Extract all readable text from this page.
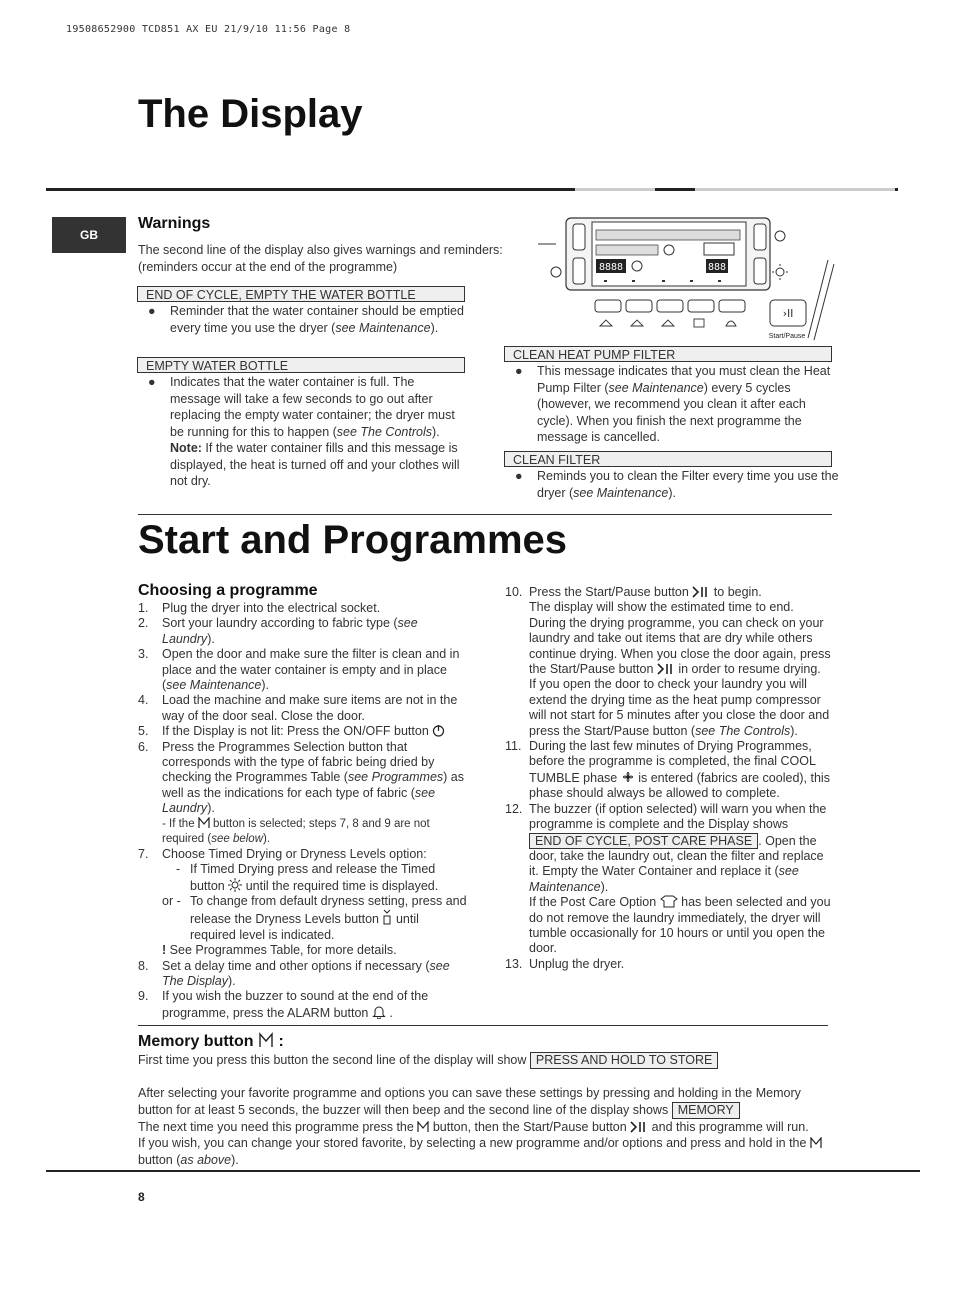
19508652900 TCD851 AX EU 21/9/10 11:56 Page 8
The Display
GB
Warnings
The second line of the display also gives warnings and reminders: (reminders occur at the end of the programme)
END OF CYCLE, EMPTY THE WATER BOTTLE
● Reminder that the water container should be emptied every time you use the dryer (see Maintenance).
EMPTY WATER BOTTLE
● Indicates that the water container is full. The message will take a few seconds to go out after replacing the empty water container; the dryer must be running for this to happen (see The Controls).
Note: If the water container fills and this message is displayed, the heat is turned off and your clothes will not dry.
8888	888
›ll
Start/Pause
CLEAN HEAT PUMP FILTER
● This message indicates that you must clean the Heat Pump Filter (see Maintenance) every 5 cycles (however, we recommend you clean it after each cycle). When you finish the next programme the message is cancelled.
CLEAN FILTER
● Reminds you to clean the Filter every time you use the dryer (see Maintenance).
Start and Programmes
Choosing a programme
1. Plug the dryer into the electrical socket.
2. Sort your laundry according to fabric type (see Laundry).
3. Open the door and make sure the filter is clean and in place and the water container is empty and in place (see Maintenance).
4. Load the machine and make sure items are not in the way of the door seal. Close the door.
5. If the Display is not lit: Press the ON/OFF button
6. Press the Programmes Selection button that corresponds with the type of fabric being dried by checking the Programmes Table (see Programmes) as well as the indications for each type of fabric (see Laundry).
- If the button is selected; steps 7, 8 and 9 are not required (see below).
7. Choose Timed Drying or Dryness Levels option:
- If Timed Drying press and release the Timed button until the required time is displayed.
or - To change from default dryness setting, press and release the Dryness Levels button until required level is indicated.
! See Programmes Table, for more details.
8. Set a delay time and other options if necessary (see The Display).
9. If you wish the buzzer to sound at the end of the programme, press the ALARM button  .
10. Press the Start/Pause button to begin.
The display will show the estimated time to end. During the drying programme, you can check on your laundry and take out items that are dry while others continue drying. When you close the door again, press the Start/Pause button in order to resume drying.
If you open the door to check your laundry you will extend the drying time as the heat pump compressor will not start for 5 minutes after you close the door and press the Start/Pause button (see The Controls).
11. During the last few minutes of Drying Programmes, before the programme is completed, the final COOL TUMBLE phase is entered (fabrics are cooled), this phase should always be allowed to complete.
12. The buzzer (if option selected) will warn you when the programme is complete and the Display shows END OF CYCLE, POST CARE PHASE . Open the door, take the laundry out, clean the filter and replace it. Empty the Water Container and replace it (see Maintenance).
If the Post Care Option has been selected and you do not remove the laundry immediately, the dryer will tumble occasionally for 10 hours or until you open the door.
13. Unplug the dryer.
Memory button :
First time you press this button the second line of the display will show PRESS AND HOLD TO STORE
After selecting your favorite programme and options you can save these settings by pressing and holding in the Memory button for at least 5 seconds, the buzzer will then beep and the second line of the display shows MEMORY
The next time you need this programme press the button, then the Start/Pause button and this programme will run.
If you wish, you can change your stored favorite, by selecting a new programme and/or options and press and hold in the  button (as above).
8
